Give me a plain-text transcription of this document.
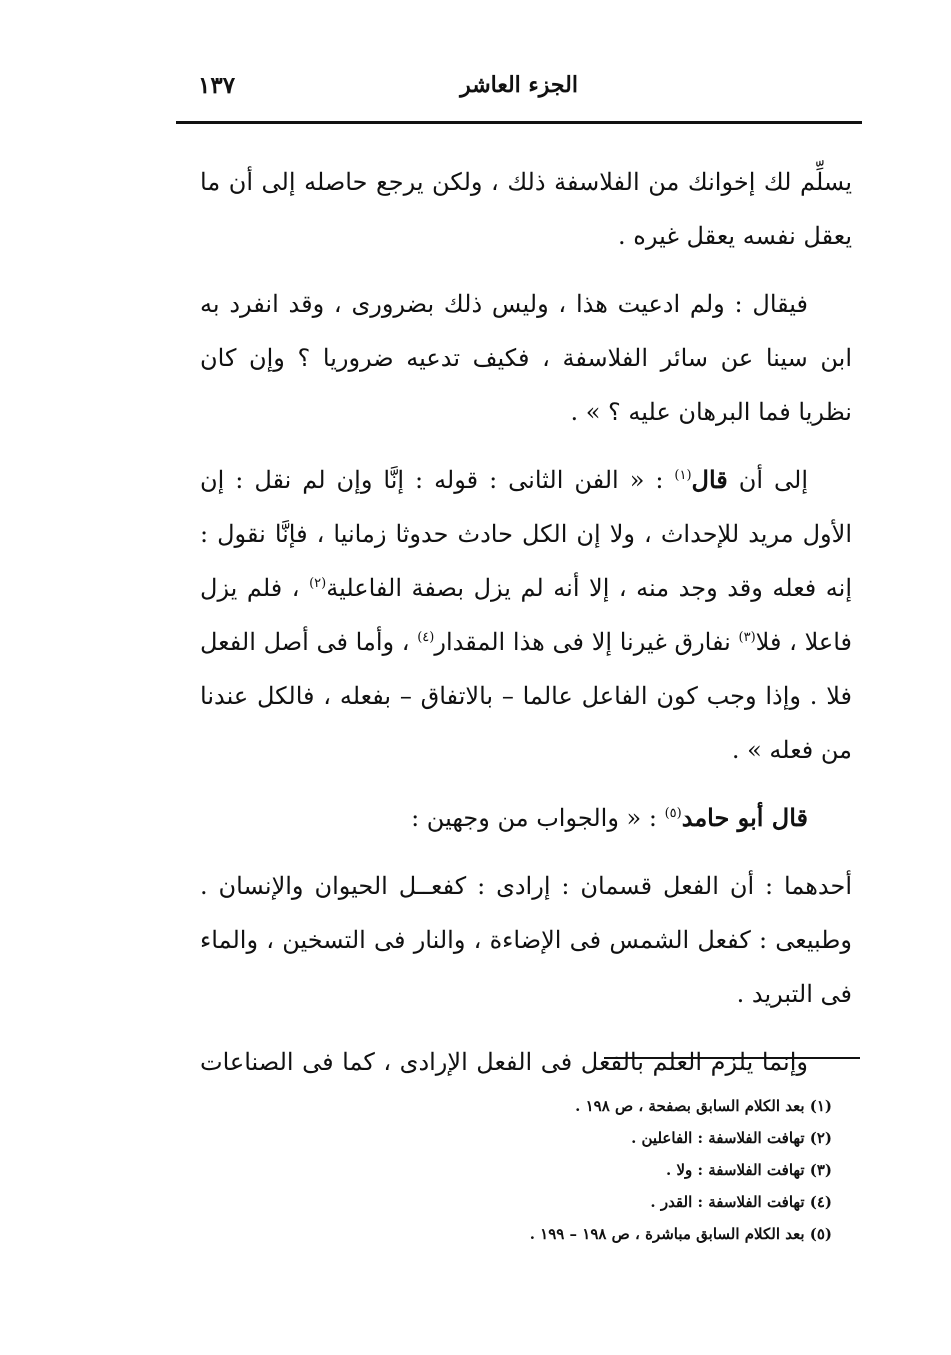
الجزء العاشر
١٣٧

يسلِّم لك إخوانك من الفلاسفة ذلك ، ولكن يرجع حاصله إلى أن ما يعقل نفسه يعقل غيره .

فيقال : ولم ادعيت هذا ، وليس ذلك بضرورى ، وقد انفرد به ابن سينا عن سائر الفلاسفة ، فكيف تدعيه ضروريا ؟ وإن كان نظريا فما البرهان عليه ؟ » .

إلى أن قال$^{(١)}$ : « الفن الثانى : قوله : إنَّا وإن لم نقل : إن الأول مريد للإحداث ، ولا إن الكل حادث حدوثا زمانيا ، فإنَّا نقول : إنه فعله وقد وجد منه ، إلا أنه لم يزل بصفة الفاعلية$^{(٢)}$ ، فلم يزل فاعلا ، فلا$^{(٣)}$ نفارق غيرنا إلا فى هذا المقدار$^{(٤)}$ ، وأما فى أصل الفعل فلا . وإذا وجب كون الفاعل عالما – بالاتفاق – بفعله ، فالكل عندنا من فعله » .

قال أبو حامد$^{(٥)}$ : « والجواب من وجهين :

أحدهما : أن الفعل قسمان : إرادى : كفعــل الحيوان والإنسان . وطبيعى : كفعل الشمس فى الإضاءة ، والنار فى التسخين ، والماء فى التبريد .

وإنما يلزم العلم بالفعل فى الفعل الإرادى ، كما فى الصناعات

(١) بعد الكلام السابق بصفحة ، ص ١٩٨ .
(٢) تهافت الفلاسفة : الفاعلين .
(٣) تهافت الفلاسفة : ولا .
(٤) تهافت الفلاسفة : القدر .
(٥) بعد الكلام السابق مباشرة ، ص ١٩٨ – ١٩٩ .
